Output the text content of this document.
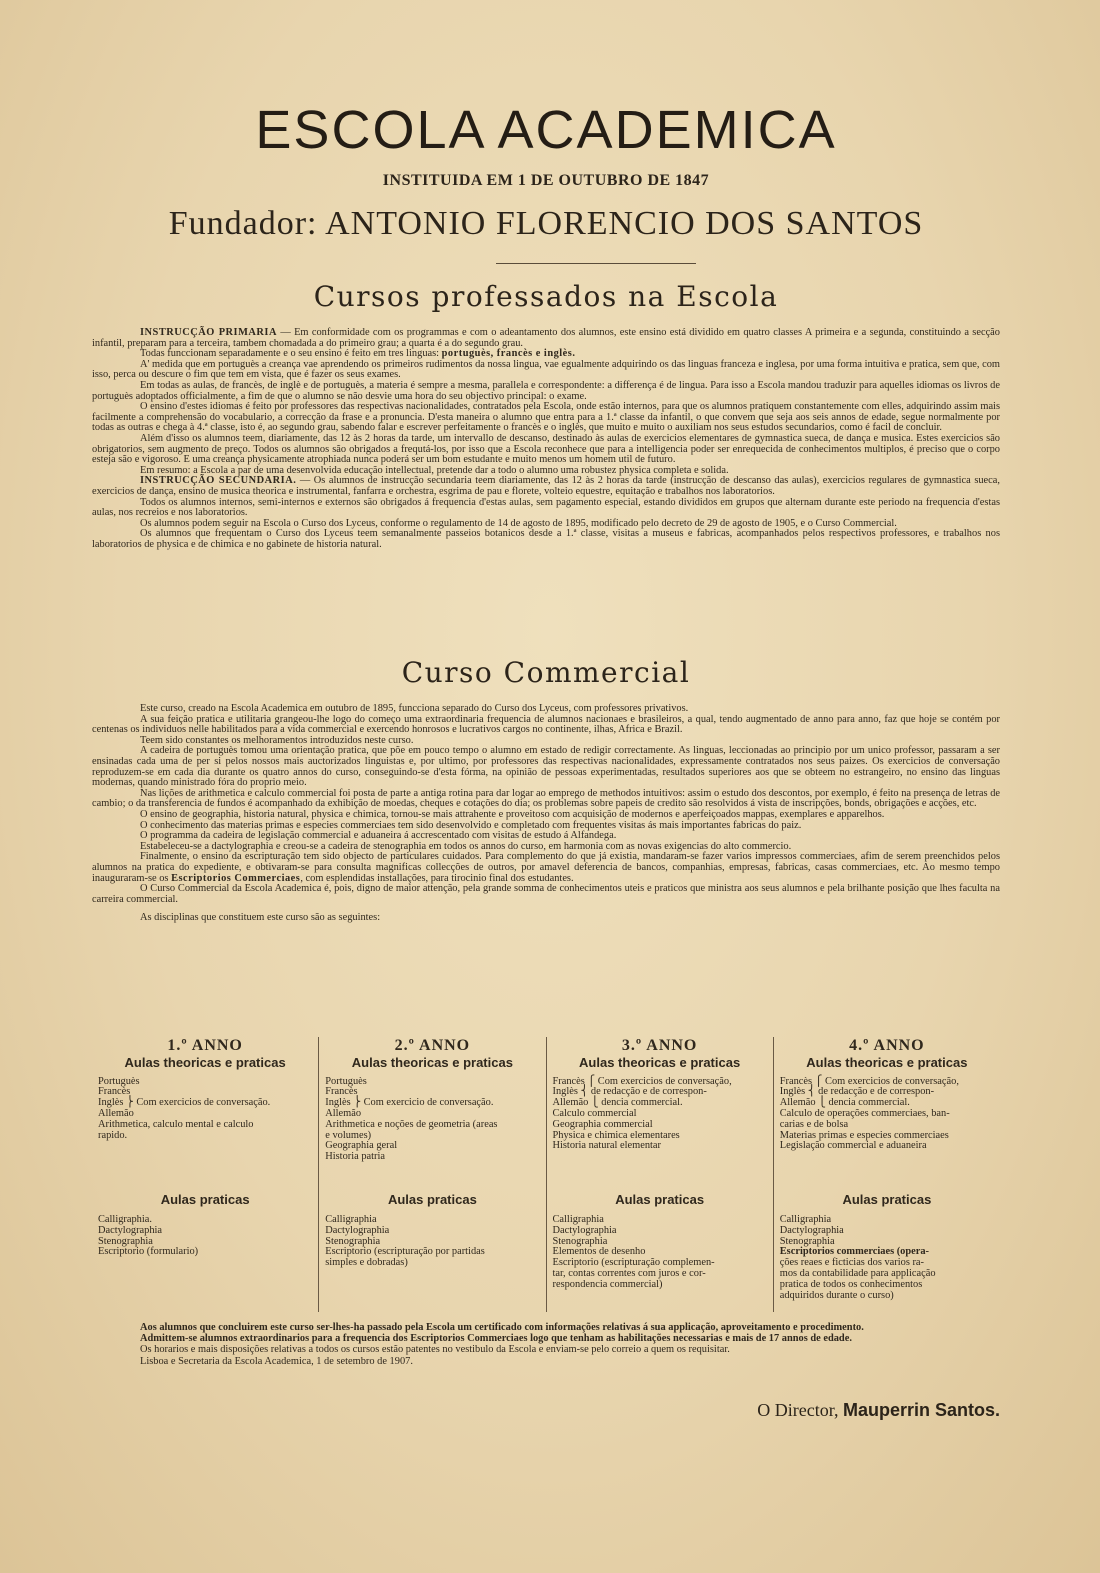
ESCOLA ACADEMICA
INSTITUIDA EM 1 DE OUTUBRO DE 1847
Fundador: ANTONIO FLORENCIO DOS SANTOS
Cursos professados na Escola

INSTRUCÇÃO PRIMARIA — Em conformidade com os programmas e com o adeantamento dos alumnos, este ensino está dividido em quatro classes A primeira e a segunda, constituindo a secção infantil, preparam para a terceira, tambem chomadada a do primeiro grau; a quarta é a do segundo grau.

Todas funccionam separadamente e o seu ensino é feito em tres linguas: portuguès, francès e inglès.

A' medida que em portuguès a creança vae aprendendo os primeiros rudimentos da nossa lingua, vae egualmente adquirindo os das linguas franceza e inglesa, por uma forma intuitiva e pratica, sem que, com isso, perca ou descure o fim que tem em vista, que é fazer os seus exames.

Em todas as aulas, de francès, de inglè e de portuguès, a materia é sempre a mesma, parallela e correspondente: a differença é de lingua. Para isso a Escola mandou traduzir para aquelles idiomas os livros de portuguès adoptados officialmente, a fim de que o alumno se não desvie uma hora do seu objectivo principal: o exame.

O ensino d'estes idiomas é feito por professores das respectivas nacionalidades, contratados pela Escola, onde estão internos, para que os alumnos pratiquem constantemente com elles, adquirindo assim mais facilmente a comprehensão do vocabulario, a correcção da frase e a pronuncia. D'esta maneira o alumno que entra para a 1.ª classe da infantil, o que convem que seja aos seis annos de edade, segue normalmente por todas as outras e chega à 4.ª classe, isto é, ao segundo grau, sabendo falar e escrever perfeitamente o francès e o inglès, que muito e muito o auxiliam nos seus estudos secundarios, como é facil de concluir.

Além d'isso os alumnos teem, diariamente, das 12 às 2 horas da tarde, um intervallo de descanso, destinado às aulas de exercicios elementares de gymnastica sueca, de dança e musica. Estes exercicios são obrigatorios, sem augmento de preço. Todos os alumnos são obrigados a frequtá-los, por isso que a Escola reconhece que para a intelligencia poder ser enrequecida de conhecimentos multiplos, é preciso que o corpo esteja são e vigoroso. E uma creança physicamente atrophiada nunca poderá ser um bom estudante e muito menos um homem util de futuro.

Em resumo: a Escola a par de uma desenvolvida educação intellectual, pretende dar a todo o alumno uma robustez physica completa e solida.

INSTRUCÇÃO SECUNDARIA. — Os alumnos de instrucção secundaria teem diariamente, das 12 às 2 horas da tarde (instrucção de descanso das aulas), exercicios regulares de gymnastica sueca, exercicios de dança, ensino de musica theorica e instrumental, fanfarra e orchestra, esgrima de pau e florete, volteio equestre, equitação e trabalhos nos laboratorios.

Todos os alumnos internos, semi-internos e externos são obrigados á frequencia d'estas aulas, sem pagamento especial, estando divididos em grupos que alternam durante este periodo na frequencia d'estas aulas, nos recreios e nos laboratorios.

Os alumnos podem seguir na Escola o Curso dos Lyceus, conforme o regulamento de 14 de agosto de 1895, modificado pelo decreto de 29 de agosto de 1905, e o Curso Commercial.

Os alumnos que frequentam o Curso dos Lyceus teem semanalmente passeios botanicos desde a 1.ª classe, visitas a museus e fabricas, acompanhados pelos respectivos professores, e trabalhos nos laboratorios de physica e de chimica e no gabinete de historia natural.

Curso Commercial

Este curso, creado na Escola Academica em outubro de 1895, funcciona separado do Curso dos Lyceus, com professores privativos.

A sua feição pratica e utilitaria grangeou-lhe logo do começo uma extraordinaria frequencia de alumnos nacionaes e brasileiros, a qual, tendo augmentado de anno para anno, faz que hoje se contém por centenas os individuos nelle habilitados para a vida commercial e exercendo honrosos e lucrativos cargos no continente, ilhas, Africa e Brazil.

Teem sido constantes os melhoramentos introduzidos neste curso.

A cadeira de portuguès tomou uma orientação pratica, que põe em pouco tempo o alumno em estado de redigir correctamente. As linguas, leccionadas ao principio por um unico professor, passaram a ser ensinadas cada uma de per si pelos nossos mais auctorizados linguistas e, por ultimo, por professores das respectivas nacionalidades, expressamente contratados nos seus paizes. Os exercicios de conversação reproduzem-se em cada dia durante os quatro annos do curso, conseguindo-se d'esta fórma, na opinião de pessoas experimentadas, resultados superiores aos que se obteem no estrangeiro, no ensino das linguas modernas, quando ministrado fóra do proprio meio.

Nas lições de arithmetica e calculo commercial foi posta de parte a antiga rotina para dar logar ao emprego de methodos intuitivos: assim o estudo dos descontos, por exemplo, é feito na presença de letras de cambio; o da transferencia de fundos é acompanhado da exhibição de moedas, cheques e cotações do dia; os problemas sobre papeis de credito são resolvidos á vista de inscripções, bonds, obrigações e acções, etc.

O ensino de geographia, historia natural, physica e chimica, tornou-se mais attrahente e proveitoso com acquisição de modernos e aperfeiçoados mappas, exemplares e apparelhos.

O conhecimento das materias primas e especies commerciaes tem sido desenvolvido e completado com frequentes visitas ás mais importantes fabricas do paiz.

O programma da cadeira de legislação commercial e aduaneira á accrescentado com visitas de estudo á Alfandega.

Estabeleceu-se a dactylographia e creou-se a cadeira de stenographia em todos os annos do curso, em harmonia com as novas exigencias do alto commercio.

Finalmente, o ensino da escripturação tem sido objecto de particulares cuidados. Para complemento do que já existia, mandaram-se fazer varios impressos commerciaes, afim de serem preenchidos pelos alumnos na pratica do expediente, e obtivaram-se para consulta magnificas collecções de outros, por amavel deferencia de bancos, companhias, empresas, fabricas, casas commerciaes, etc. Ao mesmo tempo inauguraram-se os Escriptorios Commerciaes, com esplendidas installações, para tirocinio final dos estudantes.

O Curso Commercial da Escola Academica é, pois, digno de maior attenção, pela grande somma de conhecimentos uteis e praticos que ministra aos seus alumnos e pela brilhante posição que lhes faculta na carreira commercial.

As disciplinas que constituem este curso são as seguintes:

1.º ANNO
Aulas theoricas e praticas
Portuguès
Francès
Inglès ⎬ Com exercicios de conversação.
Allemão
Arithmetica, calculo mental e calculo
rapido.
Aulas praticas
Calligraphia.
Dactylographia
Stenographia
Escriptorio (formulario)
2.º ANNO
Aulas theoricas e praticas
Portuguès
Francès
Inglès ⎬ Com exercicio de conversação.
Allemão
Arithmetica e noções de geometria (areas
e volumes)
Geographia geral
Historia patria
Aulas praticas
Calligraphia
Dactylographia
Stenographia
Escriptorio (escripturação por partidas
simples e dobradas)
3.º ANNO
Aulas theoricas e praticas
Francès ⎧ Com exercicios de conversação,
Inglès ⎨ de redacção e de correspon-
Allemão ⎩ dencia commercial.
Calculo commercial
Geographia commercial
Physica e chimica elementares
Historia natural elementar
Aulas praticas
Calligraphia
Dactylographia
Stenographia
Elementos de desenho
Escriptorio (escripturação complemen-
tar, contas correntes com juros e cor-
respondencia commercial)
4.º ANNO
Aulas theoricas e praticas
Francès ⎧ Com exercicios de conversação,
Inglès ⎨ de redacção e de correspon-
Allemão ⎩ dencia commercial.
Calculo de operações commerciaes, ban-
carias e de bolsa
Materias primas e especies commerciaes
Legislação commercial e aduaneira
Aulas praticas
Calligraphia
Dactylographia
Stenographia
Escriptorios commerciaes (opera-
ções reaes e ficticias dos varios ra-
mos da contabilidade para applicação
pratica de todos os conhecimentos
adquiridos durante o curso)

Aos alumnos que concluirem este curso ser-lhes-ha passado pela Escola um certificado com informações relativas á sua applicação, aproveitamento e procedimento.

Admittem-se alumnos extraordinarios para a frequencia dos Escriptorios Commerciaes logo que tenham as habilitações necessarias e mais de 17 annos de edade.

Os horarios e mais disposições relativas a todos os cursos estão patentes no vestibulo da Escola e enviam-se pelo correio a quem os requisitar.

Lisboa e Secretaria da Escola Academica, 1 de setembro de 1907.

O Director, Mauperrin Santos.
